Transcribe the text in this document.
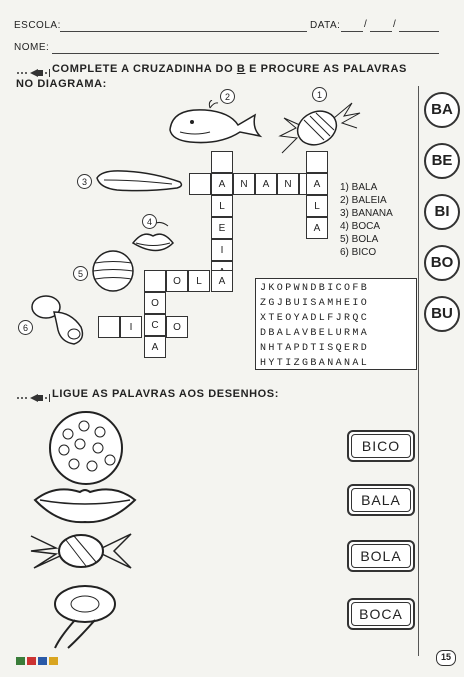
ESCOLA:	DATA: /	/
NOME:
COMPLETE A CRUZADINHA DO B E PROCURE AS PALAVRAS
NO DIAGRAMA:
2	1
3
4
5
6
A
L
E
I
N	A	N	A
L
A
O	L	A
O
C
A
I	O
1) BALA
2) BALEIA
3) BANANA
4) BOCA
5) BOLA
6) BICO
JKOPWNDBICOFB
ZGJBUISAMHEIO
XTEOYADLFJRQC
DBALAVBELURMA
NHTAPDTISQERD
HYTIZGBANANAL
BA
BE
BI
BO
BU
LIGUE AS PALAVRAS AOS DESENHOS:
BICO
BALA
BOLA
BOCA
15
